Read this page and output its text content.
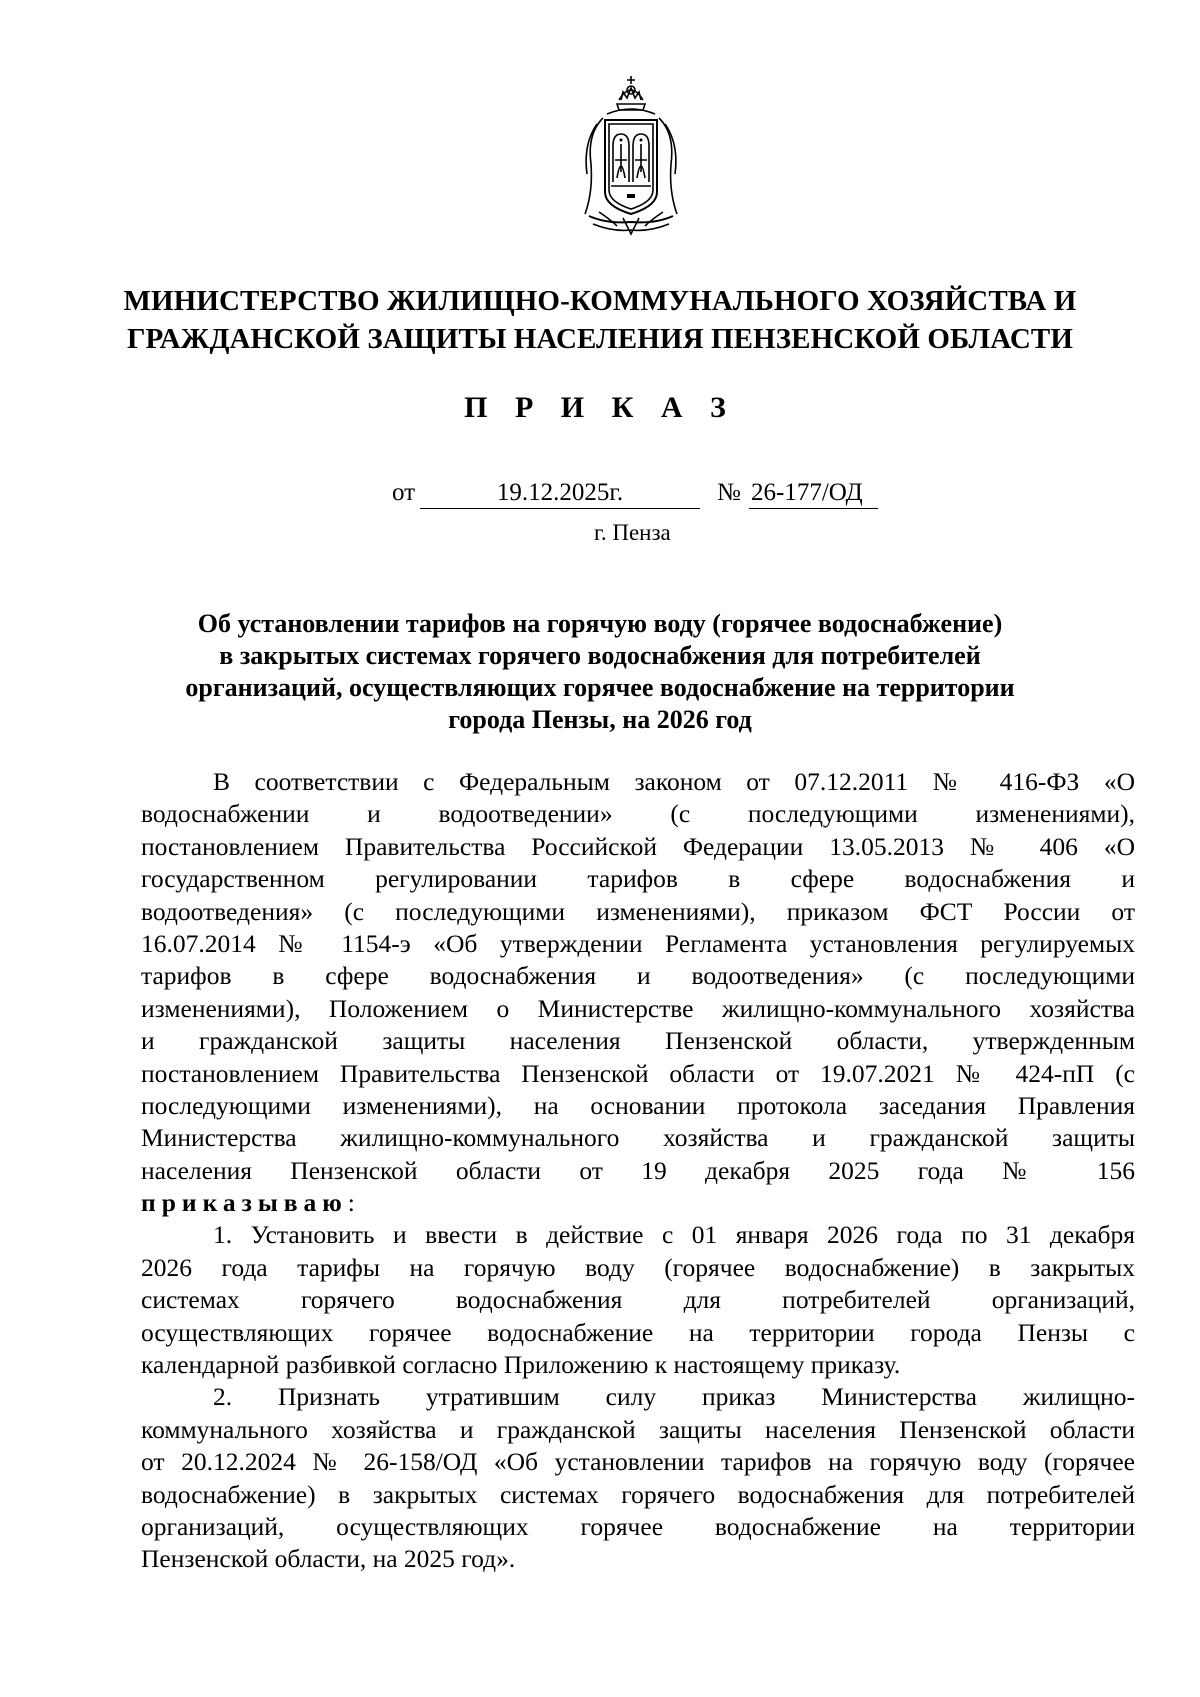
МИНИСТЕРСТВО ЖИЛИЩНО-КОММУНАЛЬНОГО ХОЗЯЙСТВА И
ГРАЖДАНСКОЙ ЗАЩИТЫ НАСЕЛЕНИЯ ПЕНЗЕНСКОЙ ОБЛАСТИ
П Р И К А З
от	19.12.2025г.	№ 26-177/ОД
г. Пенза
Об установлении тарифов на горячую воду (горячее водоснабжение)
в закрытых системах горячего водоснабжения для потребителей
организаций, осуществляющих горячее водоснабжение на территории
города Пензы, на 2026 год
В соответствии с Федеральным законом от 07.12.2011 № 416-ФЗ «О
водоснабжении и водоотведении» (с последующими изменениями),
постановлением Правительства Российской Федерации 13.05.2013 № 406 «О
государственном регулировании тарифов в сфере водоснабжения и
водоотведения» (с последующими изменениями), приказом ФСТ России от
16.07.2014 № 1154-э «Об утверждении Регламента установления регулируемых
тарифов в сфере водоснабжения и водоотведения» (с последующими
изменениями), Положением о Министерстве жилищно-коммунального хозяйства
и гражданской защиты населения Пензенской области, утвержденным
постановлением Правительства Пензенской области от 19.07.2021 № 424-пП (с
последующими изменениями), на основании протокола заседания Правления
Министерства жилищно-коммунального хозяйства и гражданской защиты
населения Пензенской области от 19 декабря 2025 года № 156
приказываю:
1. Установить и ввести в действие с 01 января 2026 года по 31 декабря
2026 года тарифы на горячую воду (горячее водоснабжение) в закрытых
системах горячего водоснабжения для потребителей организаций,
осуществляющих горячее водоснабжение на территории города Пензы с
календарной разбивкой согласно Приложению к настоящему приказу.
2. Признать утратившим силу приказ Министерства жилищно-
коммунального хозяйства и гражданской защиты населения Пензенской области
от 20.12.2024 № 26-158/ОД «Об установлении тарифов на горячую воду (горячее
водоснабжение) в закрытых системах горячего водоснабжения для потребителей
организаций, осуществляющих горячее водоснабжение на территории
Пензенской области, на 2025 год».
